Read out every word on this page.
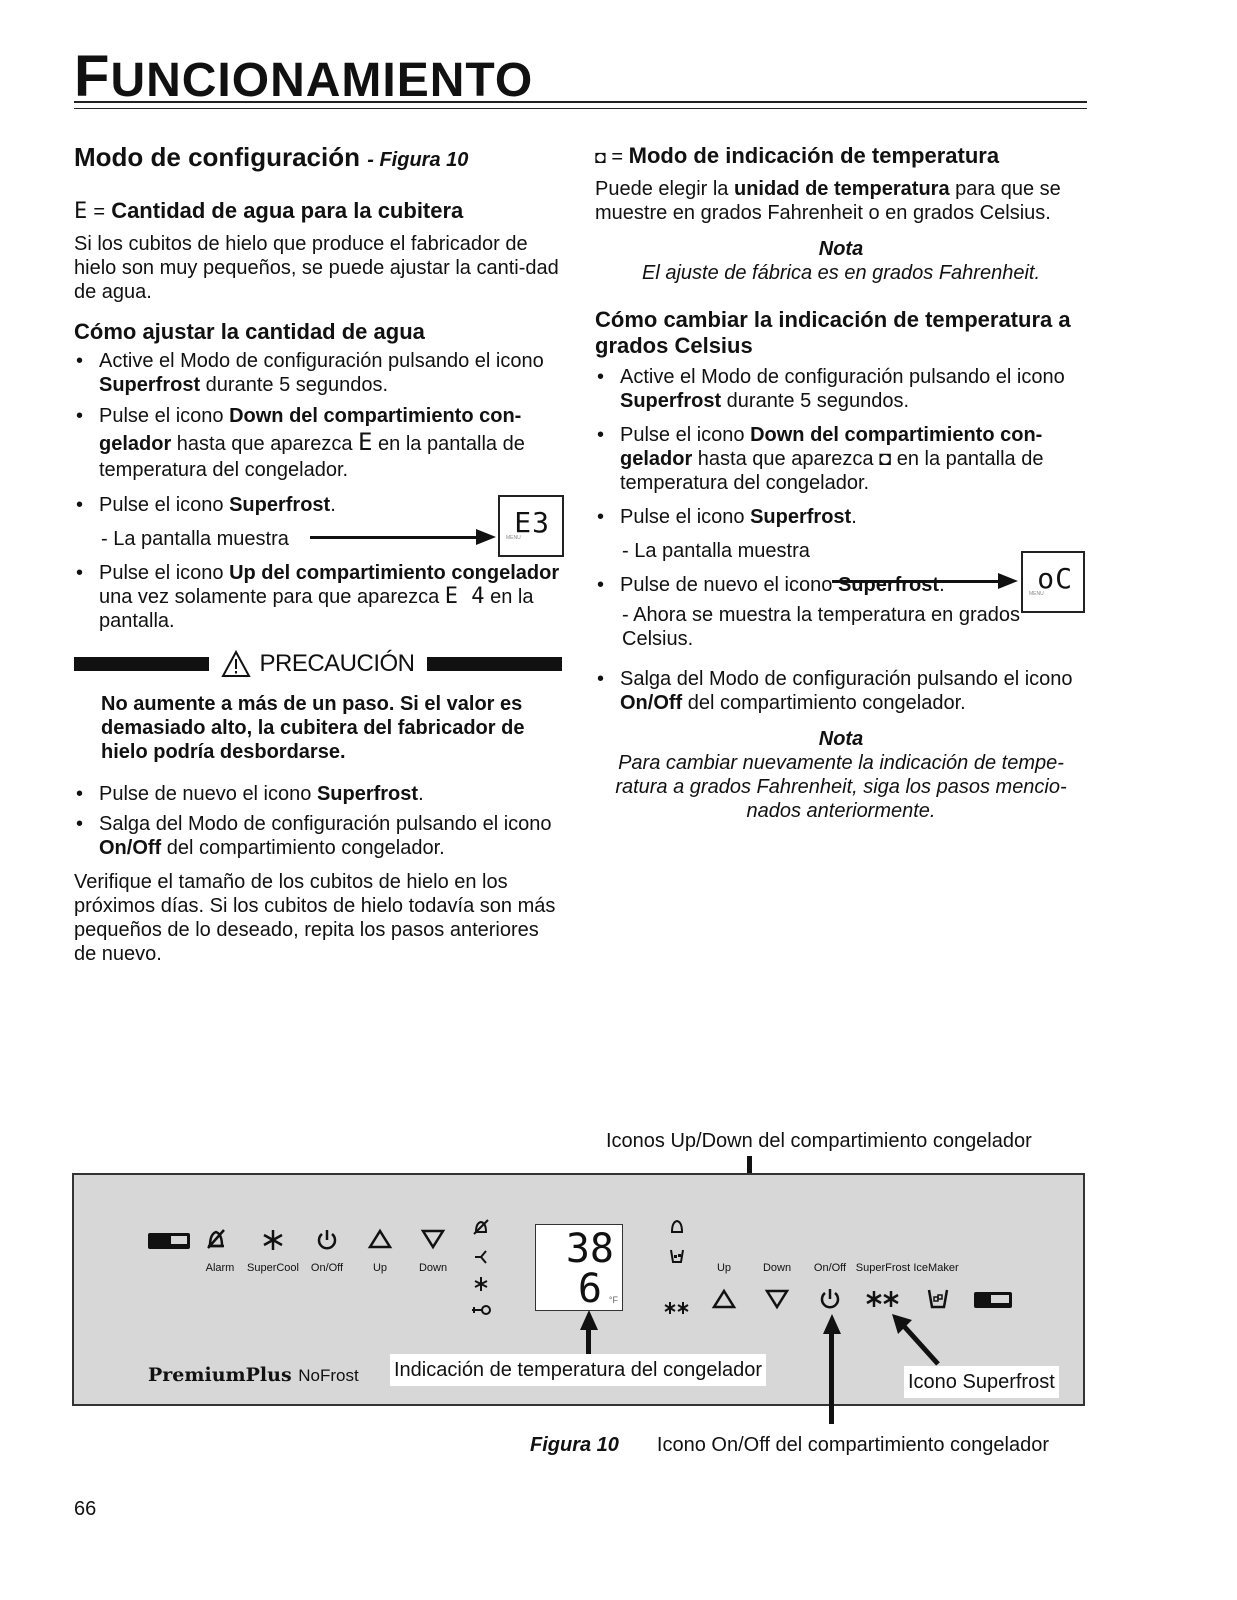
FUNCIONAMIENTO
Modo de configuración - Figura 10
E = Cantidad de agua para la cubitera

Si los cubitos de hielo que produce el fabricador de hielo son muy pequeños, se puede ajustar la canti-dad de agua.

Cómo ajustar la cantidad de agua
• Active el Modo de configuración pulsando el icono Superfrost durante 5 segundos.
• Pulse el icono Down del compartimiento con-gelador hasta que aparezca E en la pantalla de temperatura del congelador.
• Pulse el icono Superfrost.

- La pantalla muestra

• Pulse el icono Up del compartimiento congelador una vez solamente para que aparezca E 4 en la pantalla.
MENU
E3
PRECAUCIÓN

No aumente a más de un paso. Si el valor es demasiado alto, la cubitera del fabricador de hielo podría desbordarse.

• Pulse de nuevo el icono Superfrost.
• Salga del Modo de configuración pulsando el icono On/Off del compartimiento congelador.

Verifique el tamaño de los cubitos de hielo en los próximos días. Si los cubitos de hielo todavía son más pequeños de lo deseado, repita los pasos anteriores de nuevo.

◘ = Modo de indicación de temperatura

Puede elegir la unidad de temperatura para que se muestre en grados Fahrenheit o en grados Celsius.

Nota
El ajuste de fábrica es en grados Fahrenheit.
Cómo cambiar la indicación de temperatura a grados Celsius
• Active el Modo de configuración pulsando el icono Superfrost durante 5 segundos.
• Pulse el icono Down del compartimiento con-gelador hasta que aparezca ◘ en la pantalla de temperatura del congelador.
• Pulse el icono Superfrost.

- La pantalla muestra

• Pulse de nuevo el icono Superfrost.

- Ahora se muestra la temperatura en grados Celsius.

• Salga del Modo de configuración pulsando el icono On/Off del compartimiento congelador.
Nota
Para cambiar nuevamente la indicación de tempe-ratura a grados Fahrenheit, siga los pasos mencio-nados anteriormente.
MENU
oC
Iconos Up/Down del compartimiento congelador
Alarm	SuperCool	On/Off	Up	Down	38
6 °F
Up	Down	On/Off SuperFrost IceMaker
PremiumPlus NoFrost Indicación de temperatura del congelador
Icono Superfrost
Figura 10 Icono On/Off del compartimiento congelador
66
